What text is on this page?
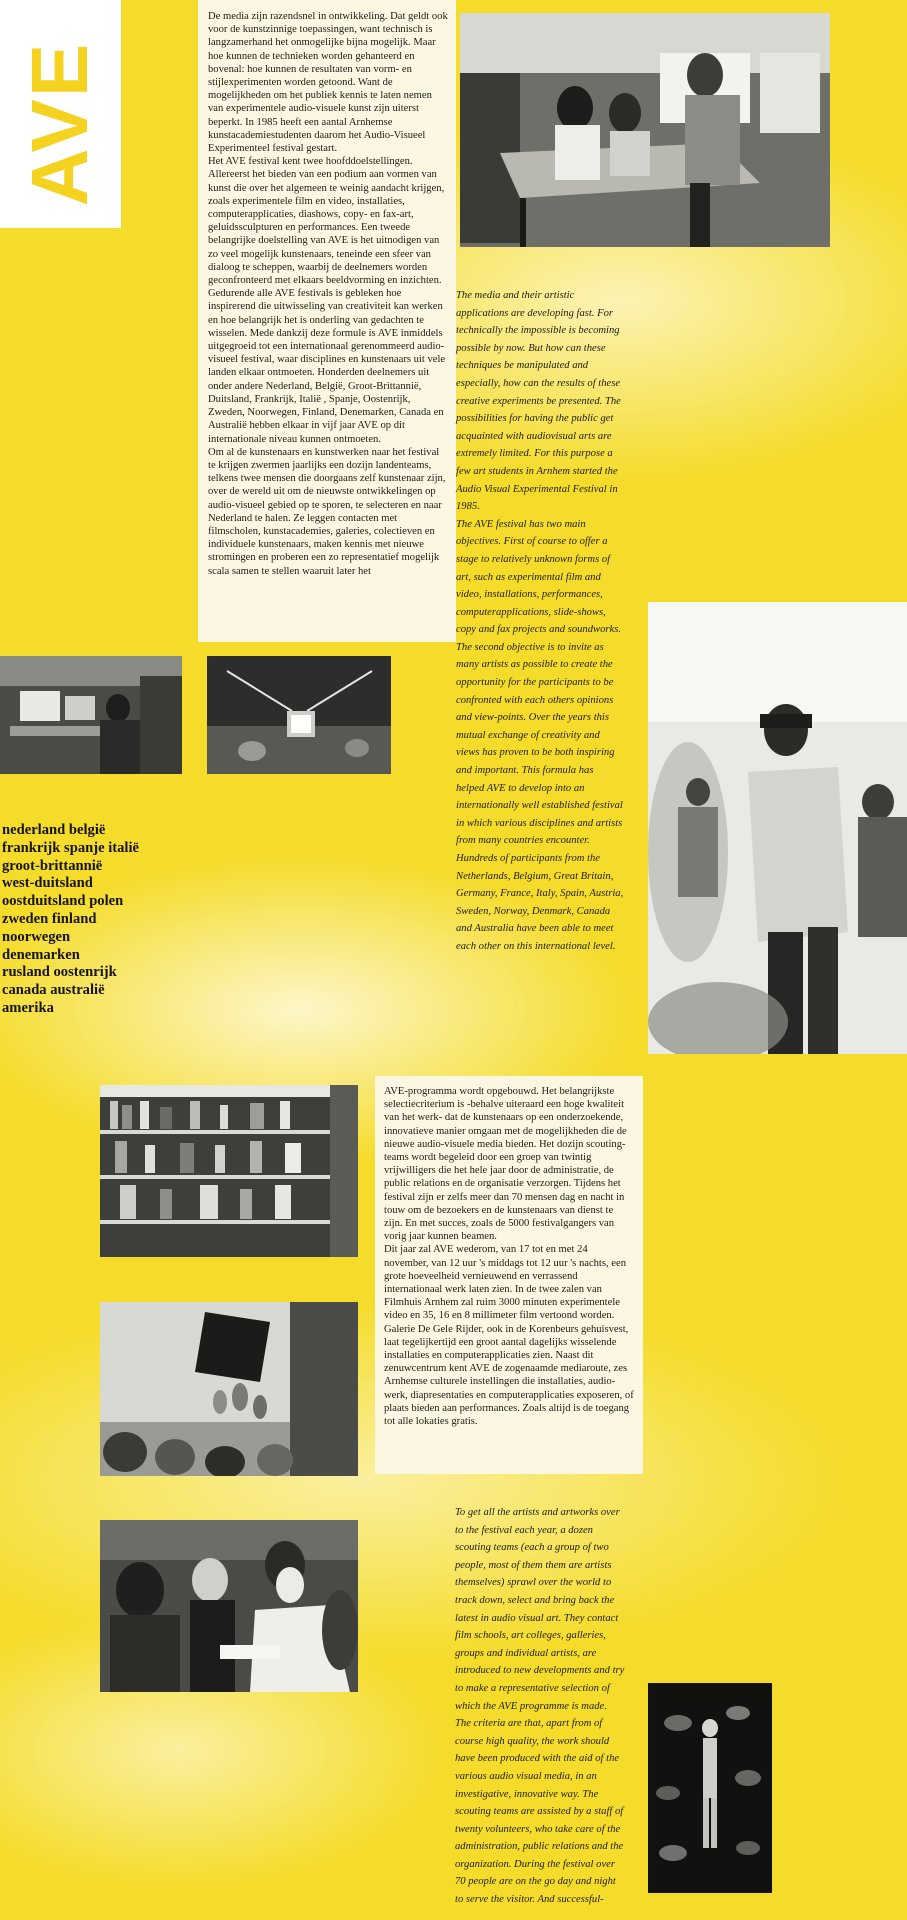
AVE

De media zijn razendsnel in ontwikkeling. Dat geldt ook voor de kunstzinnige toepassingen, want technisch is langzamerhand het onmogelijke bijna mogelijk. Maar hoe kunnen de technieken worden gehanteerd en bovenal: hoe kunnen de resultaten van vorm- en stijlexperimenten worden getoond. Want de mogelijkheden om het publiek kennis te laten nemen van experimentele audio-visuele kunst zijn uiterst beperkt. In 1985 heeft een aantal Arnhemse kunstacademiestudenten daarom het Audio-Visueel Experimenteel festival gestart.

Het AVE festival kent twee hoofddoelstellingen. Allereerst het bieden van een podium aan vormen van kunst die over het algemeen te weinig aandacht krijgen, zoals experimentele film en video, installaties, computerapplicaties, diashows, copy- en fax-art, geluidssculpturen en performances. Een tweede belangrijke doelstelling van AVE is het uitnodigen van zo veel mogelijk kunstenaars, teneinde een sfeer van dialoog te scheppen, waarbij de deelnemers worden geconfronteerd met elkaars beeldvorming en inzichten. Gedurende alle AVE festivals is gebleken hoe inspirerend die uitwisseling van creativiteit kan werken en hoe belangrijk het is onderling van gedachten te wisselen. Mede dankzij deze formule is AVE inmiddels uitgegroeid tot een internationaal gerenommeerd audio-visueel festival, waar disciplines en kunstenaars uit vele landen elkaar ontmoeten. Honderden deelnemers uit onder andere Nederland, België, Groot-Brittannië, Duitsland, Frankrijk, Italië , Spanje, Oostenrijk, Zweden, Noorwegen, Finland, Denemarken, Canada en Australië hebben elkaar in vijf jaar AVE op dit internationale niveau kunnen ontmoeten.

Om al de kunstenaars en kunstwerken naar het festival te krijgen zwermen jaarlijks een dozijn landenteams, telkens twee mensen die doorgaans zelf kunstenaar zijn, over de wereld uit om de nieuwste ontwikkelingen op audio-visueel gebied op te sporen, te selecteren en naar Nederland te halen. Ze leggen contacten met filmscholen, kunstacademies, galeries, colectieven en individuele kunstenaars, maken kennis met nieuwe stromingen en proberen een zo representatief mogelijk scala samen te stellen waaruit later het

The media and their artistic applications are developing fast. For technically the impossible is becoming possible by now. But how can these techniques be manipulated and especially, how can the results of these creative experiments be presented. The possibilities for having the public get acquainted with audiovisual arts are extremely limited. For this purpose a few art students in Arnhem started the Audio Visual Experimental Festival in 1985.

The AVE festival has two main objectives. First of course to offer a stage to relatively unknown forms of art, such as experimental film and video, installations, performances, computerapplications, slide-shows, copy and fax projects and soundworks. The second objective is to invite as many artists as possible to create the opportunity for the participants to be confronted with each others opinions and view-points. Over the years this mutual exchange of creativity and views has proven to be both inspiring and important. This formula has helped AVE to develop into an internationally well established festival in which various disciplines and artists from many countries encounter. Hundreds of participants from the Netherlands, Belgium, Great Britain, Germany, France, Italy, Spain, Austria, Sweden, Norway, Denmark, Canada and Australia have been able to meet each other on this international level.

nederland belgië
frankrijk spanje italië
groot-brittannië
west-duitsland
oostduitsland polen
zweden finland
noorwegen
denemarken
rusland oostenrijk
canada australië
amerika

AVE-programma wordt opgebouwd. Het belangrijkste selectiecriterium is -behalve uiteraard een hoge kwaliteit van het werk- dat de kunstenaars op een onderzoekende, innovatieve manier omgaan met de mogelijkheden die de nieuwe audio-visuele media bieden. Het dozijn scouting-teams wordt begeleid door een groep van twintig vrijwilligers die het hele jaar door de administratie, de public relations en de organisatie verzorgen. Tijdens het festival zijn er zelfs meer dan 70 mensen dag en nacht in touw om de bezoekers en de kunstenaars van dienst te zijn. En met succes, zoals de 5000 festivalgangers van vorig jaar kunnen beamen.

Dit jaar zal AVE wederom, van 17 tot en met 24 november, van 12 uur 's middags tot 12 uur 's nachts, een grote hoeveelheid vernieuwend en verrassend internationaal werk laten zien. In de twee zalen van Filmhuis Arnhem zal ruim 3000 minuten experimentele video en 35, 16 en 8 millimeter film vertoond worden. Galerie De Gele Rijder, ook in de Korenbeurs gehuisvest, laat tegelijkertijd een groot aantal dagelijks wisselende installaties en computerapplicaties zien. Naast dit zenuwcentrum kent AVE de zogenaamde mediaroute, zes Arnhemse culturele instellingen die installaties, audio-werk, diapresentaties en computerapplicaties exposeren, of plaats bieden aan performances. Zoals altijd is de toegang tot alle lokaties gratis.

To get all the artists and artworks over to the festival each year, a dozen scouting teams (each a group of two people, most of them them are artists themselves) sprawl over the world to track down, select and bring back the latest in audio visual art. They contact film schools, art colleges, galleries, groups and individual artists, are introduced to new developments and try to make a representative selection of which the AVE programme is made. The criteria are that, apart from of course high quality, the work should have been produced with the aid of the various audio visual media, in an investigative, innovative way. The scouting teams are assisted by a staff of twenty volunteers, who take care of the administration, public relations and the organization. During the festival over 70 people are on the go day and night to serve the visitor. And successful-
